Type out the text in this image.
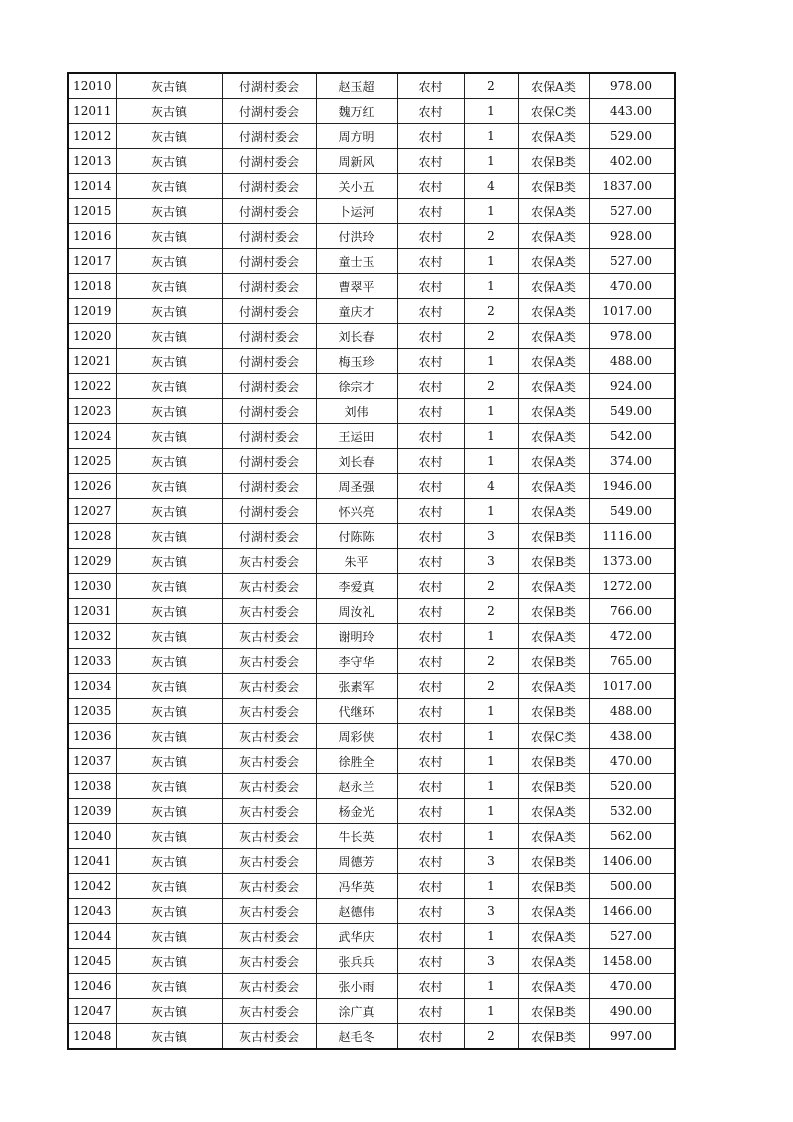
12010	灰古镇	付湖村委会	赵玉超	农村	2	农保A类	978.00
12011	灰古镇	付湖村委会	魏万红	农村	1	农保C类	443.00
12012	灰古镇	付湖村委会	周方明	农村	1	农保A类	529.00
12013	灰古镇	付湖村委会	周新风	农村	1	农保B类	402.00
12014	灰古镇	付湖村委会	关小五	农村	4	农保B类	1837.00
12015	灰古镇	付湖村委会	卜运河	农村	1	农保A类	527.00
12016	灰古镇	付湖村委会	付洪玲	农村	2	农保A类	928.00
12017	灰古镇	付湖村委会	童士玉	农村	1	农保A类	527.00
12018	灰古镇	付湖村委会	曹翠平	农村	1	农保A类	470.00
12019	灰古镇	付湖村委会	童庆才	农村	2	农保A类	1017.00
12020	灰古镇	付湖村委会	刘长春	农村	2	农保A类	978.00
12021	灰古镇	付湖村委会	梅玉珍	农村	1	农保A类	488.00
12022	灰古镇	付湖村委会	徐宗才	农村	2	农保A类	924.00
12023	灰古镇	付湖村委会	刘伟	农村	1	农保A类	549.00
12024	灰古镇	付湖村委会	王运田	农村	1	农保A类	542.00
12025	灰古镇	付湖村委会	刘长春	农村	1	农保A类	374.00
12026	灰古镇	付湖村委会	周圣强	农村	4	农保A类	1946.00
12027	灰古镇	付湖村委会	怀兴亮	农村	1	农保A类	549.00
12028	灰古镇	付湖村委会	付陈陈	农村	3	农保B类	1116.00
12029	灰古镇	灰古村委会	朱平	农村	3	农保B类	1373.00
12030	灰古镇	灰古村委会	李爱真	农村	2	农保A类	1272.00
12031	灰古镇	灰古村委会	周汝礼	农村	2	农保B类	766.00
12032	灰古镇	灰古村委会	谢明玲	农村	1	农保A类	472.00
12033	灰古镇	灰古村委会	李守华	农村	2	农保B类	765.00
12034	灰古镇	灰古村委会	张素军	农村	2	农保A类	1017.00
12035	灰古镇	灰古村委会	代继环	农村	1	农保B类	488.00
12036	灰古镇	灰古村委会	周彩侠	农村	1	农保C类	438.00
12037	灰古镇	灰古村委会	徐胜全	农村	1	农保B类	470.00
12038	灰古镇	灰古村委会	赵永兰	农村	1	农保B类	520.00
12039	灰古镇	灰古村委会	杨金光	农村	1	农保A类	532.00
12040	灰古镇	灰古村委会	牛长英	农村	1	农保A类	562.00
12041	灰古镇	灰古村委会	周德芳	农村	3	农保B类	1406.00
12042	灰古镇	灰古村委会	冯华英	农村	1	农保B类	500.00
12043	灰古镇	灰古村委会	赵德伟	农村	3	农保A类	1466.00
12044	灰古镇	灰古村委会	武华庆	农村	1	农保A类	527.00
12045	灰古镇	灰古村委会	张兵兵	农村	3	农保A类	1458.00
12046	灰古镇	灰古村委会	张小雨	农村	1	农保A类	470.00
12047	灰古镇	灰古村委会	涂广真	农村	1	农保B类	490.00
12048	灰古镇	灰古村委会	赵毛冬	农村	2	农保B类	997.00
